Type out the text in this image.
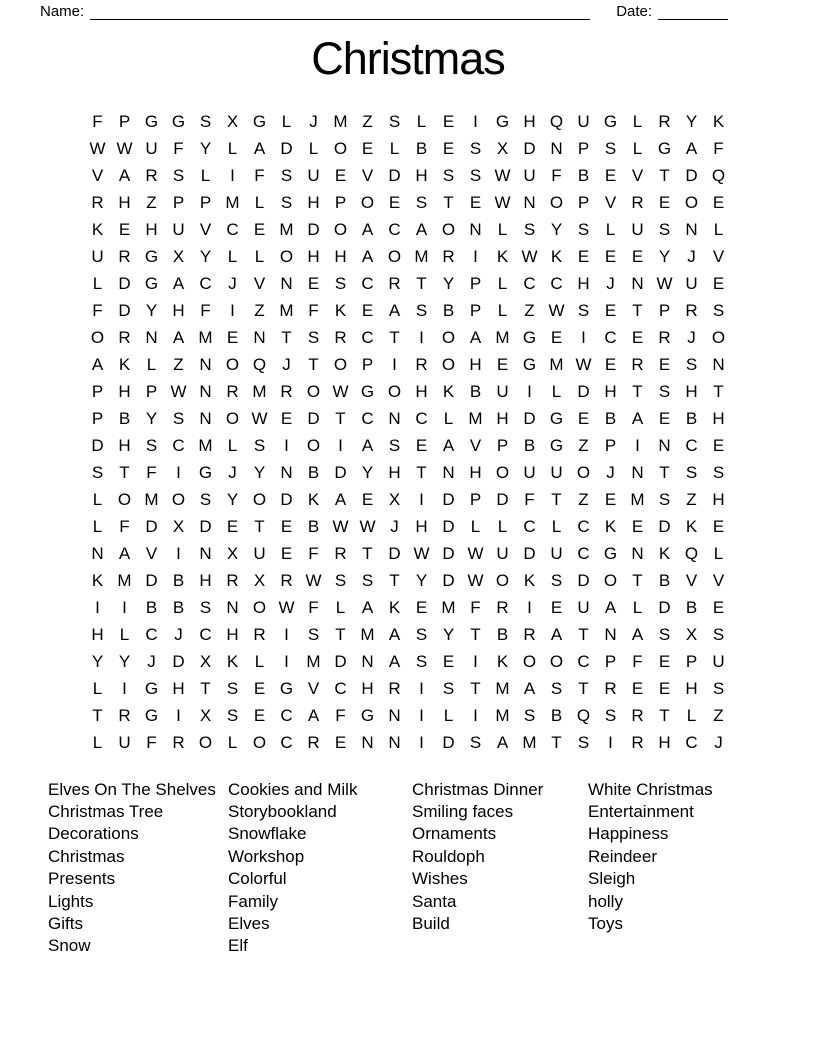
Name:	Date:
Christmas
F P G G S X G L	J M Z S L E	I	G H Q U G L R Y K
W W U F Y L A D L O E L B E S X D N P S L G A F
V A R S L	I	F S U E V D H S S W U F B E V T D Q
R H Z P P M L S H P O E S T E W N O P V R E O E
K E H U V C E M D O A C A O N L S Y S L U S N L
U R G X Y L	L O H H A O M R	I	K W K E E E Y	J	V
L D G A C J	V N E S C R T Y P L C C H J N W U E
F D Y H F	I	Z M F K E A S B P L	Z W S E T P R S
O R N A M E N T S R C T	I	O A M G E	I	C E R J O
A K L	Z N O Q J	T O P	I	R O H E G M W E R E S N
P H P W N R M R O W G O H K B U	I	L D H T S H T
P B Y S N O W E D T C N C L M H D G E B A E B H
D H S C M L S	I	O	I	A S E A V P B G Z P	I	N C E
S T F	I	G J	Y N B D Y H T N H O U U O J N T S S
L O M O S Y O D K A E X	I	D P D F T Z E M S Z H
L	F D X D E T E B W W J H D L	L C L C K E D K E
N A V	I	N X U E F R T D W D W U D U C G N K Q L
K M D B H R X R W S S T Y D W O K S D O T B V V
I	I	B B S N O W F	L A K E M F R	I	E U A L D B E
H L C J C H R	I	S T M A S Y T B R A T N A S X S
Y Y	J D X K L	I	M D N A S E	I	K O O C P F E P U
L	I	G H T S E G V C H R	I	S T M A S T R E E H S
T R G	I	X S E C A F G N	I	L	I	M S B Q S R T	L	Z
L U F R O L O C R E N N	I	D S A M T S	I	R H C J
Elves On The Shelves
Christmas Tree
Decorations
Christmas
Presents
Lights
Gifts
Snow
Cookies and Milk
Storybookland
Snowflake
Workshop
Colorful
Family
Elves
Elf
Christmas Dinner
Smiling faces
Ornaments
Rouldoph
Wishes
Santa
Build
White Christmas
Entertainment
Happiness
Reindeer
Sleigh
holly
Toys
